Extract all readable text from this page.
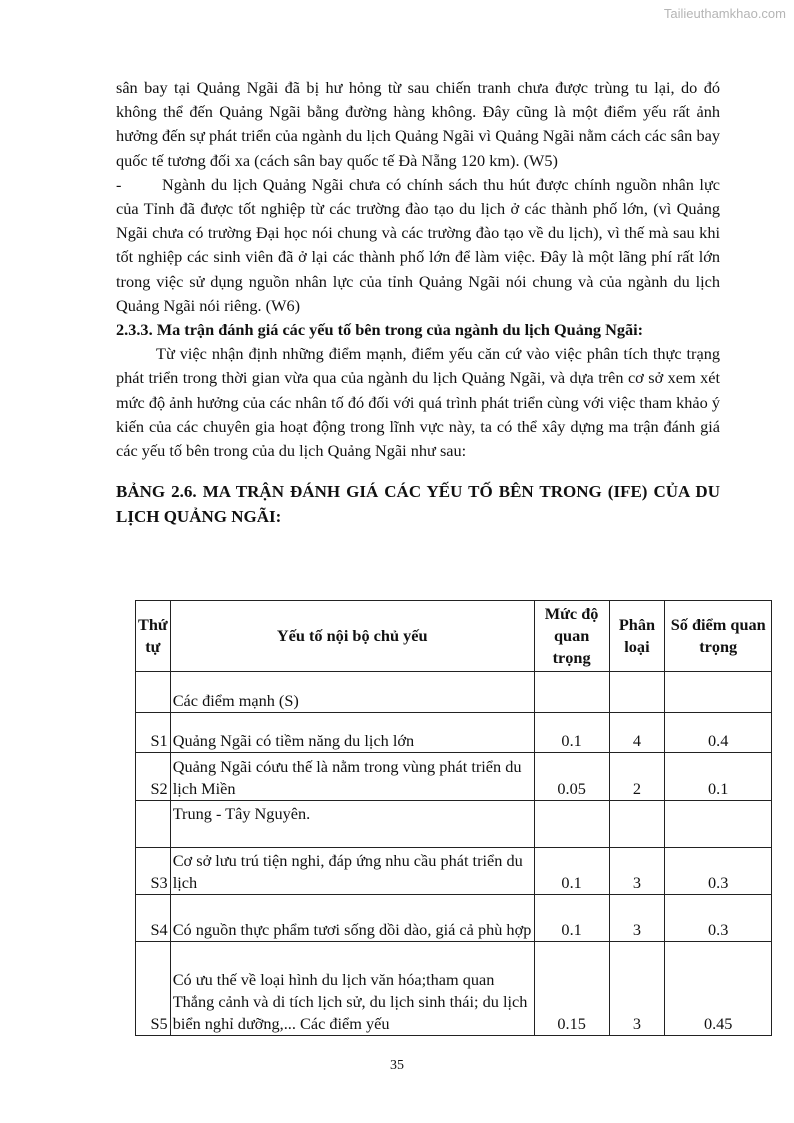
Tailieuthamkhao.com

sân bay tại Quảng Ngãi đã bị hư hỏng từ sau chiến tranh chưa được trùng tu lại, do đó không thể đến Quảng Ngãi bằng đường hàng không. Đây cũng là một điểm yếu rất ảnh hưởng đến sự phát triển của ngành du lịch Quảng Ngãi vì Quảng Ngãi nằm cách các sân bay quốc tế tương đối xa (cách sân bay quốc tế Đà Nẵng 120 km). (W5)

- Ngành du lịch Quảng Ngãi chưa có chính sách thu hút được chính nguồn nhân lực của Tỉnh đã được tốt nghiệp từ các trường đào tạo du lịch ở các thành phố lớn, (vì Quảng Ngãi chưa có trường Đại học nói chung và các trường đào tạo về du lịch), vì thế mà sau khi tốt nghiệp các sinh viên đã ở lại các thành phố lớn để làm việc. Đây là một lãng phí rất lớn trong việc sử dụng nguồn nhân lực của tỉnh Quảng Ngãi nói chung và của ngành du lịch Quảng Ngãi nói riêng. (W6)

2.3.3. Ma trận đánh giá các yếu tố bên trong của ngành du lịch Quảng Ngãi:

Từ việc nhận định những điểm mạnh, điểm yếu căn cứ vào việc phân tích thực trạng phát triển trong thời gian vừa qua của ngành du lịch Quảng Ngãi, và dựa trên cơ sở xem xét mức độ ảnh hưởng của các nhân tố đó đối với quá trình phát triển cùng với việc tham khảo ý kiến của các chuyên gia hoạt động trong lĩnh vực này, ta có thể xây dựng ma trận đánh giá các yếu tố bên trong của du lịch Quảng Ngãi như sau:

BẢNG 2.6. MA TRẬN ĐÁNH GIÁ CÁC YẾU TỐ BÊN TRONG (IFE) CỦA DU LỊCH QUẢNG NGÃI:

Thứ tự	Yếu tố nội bộ chủ yếu	Mức độ quan trọng	Phân loại	Số điểm quan trọng
	Các điểm mạnh (S)			
S1	Quảng Ngãi có tiềm năng du lịch lớn	0.1	4	0.4
S2	Quảng Ngãi cóưu thế là nằm trong vùng phát triển du lịch Miền	0.05	2	0.1
	Trung - Tây Nguyên.			
S3	Cơ sở lưu trú tiện nghi, đáp ứng nhu cầu phát triển du lịch	0.1	3	0.3
S4	Có nguồn thực phẩm tươi sống dồi dào, giá cả phù hợp	0.1	3	0.3
S5	Có ưu thế về loại hình du lịch văn hóa;tham quan Thắng cảnh và di tích lịch sử, du lịch sinh thái; du lịch biển nghỉ dưỡng,... Các điểm yếu	0.15	3	0.45
35
